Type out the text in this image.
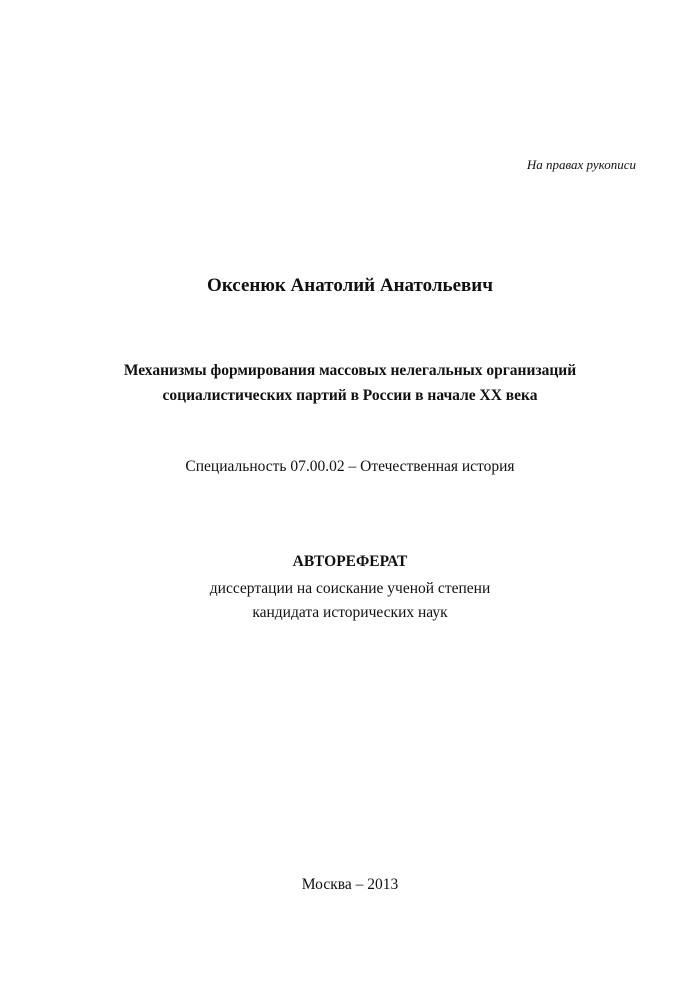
На правах рукописи
Оксенюк Анатолий Анатольевич
Механизмы формирования массовых нелегальных организаций
социалистических партий в России в начале XX века
Специальность 07.00.02 – Отечественная история
АВТОРЕФЕРАТ
диссертации на соискание ученой степени
кандидата исторических наук
Москва – 2013
